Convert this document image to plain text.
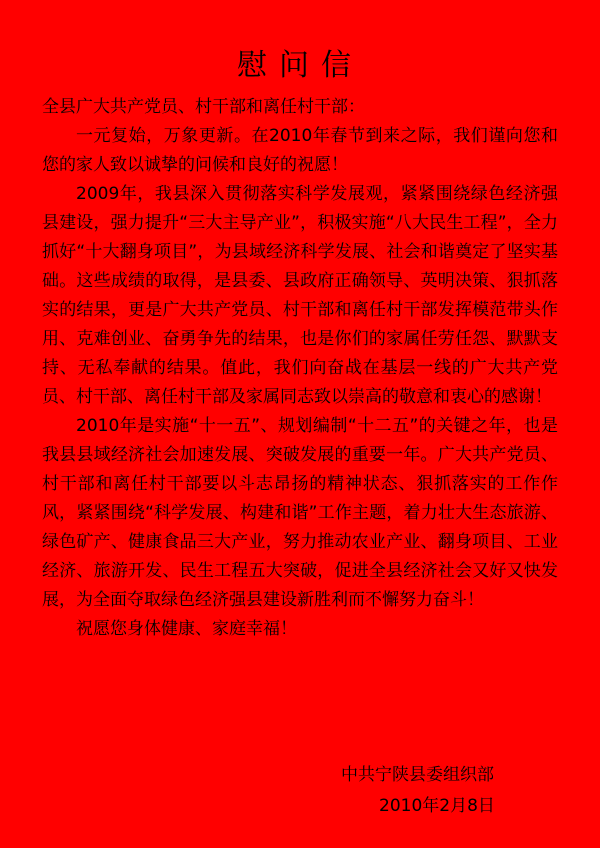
慰问信
全县广大共产党员、村干部和离任村干部：

一元复始，万象更新。在2010年春节到来之际，我们谨向您和您的家人致以诚挚的问候和良好的祝愿！

2009年，我县深入贯彻落实科学发展观，紧紧围绕绿色经济强县建设，强力提升“三大主导产业”，积极实施“八大民生工程”，全力抓好“十大翻身项目”，为县域经济科学发展、社会和谐奠定了坚实基础。这些成绩的取得，是县委、县政府正确领导、英明决策、狠抓落实的结果，更是广大共产党员、村干部和离任村干部发挥模范带头作用、克难创业、奋勇争先的结果，也是你们的家属任劳任怨、默默支持、无私奉献的结果。值此，我们向奋战在基层一线的广大共产党员、村干部、离任村干部及家属同志致以崇高的敬意和衷心的感谢！

2010年是实施“十一五”、规划编制“十二五”的关键之年，也是我县县域经济社会加速发展、突破发展的重要一年。广大共产党员、村干部和离任村干部要以斗志昂扬的精神状态、狠抓落实的工作作风，紧紧围绕“科学发展、构建和谐”工作主题，着力壮大生态旅游、绿色矿产、健康食品三大产业，努力推动农业产业、翻身项目、工业经济、旅游开发、民生工程五大突破，促进全县经济社会又好又快发展，为全面夺取绿色经济强县建设新胜利而不懈努力奋斗！

祝愿您身体健康、家庭幸福！

中共宁陕县委组织部
2010年2月8日
